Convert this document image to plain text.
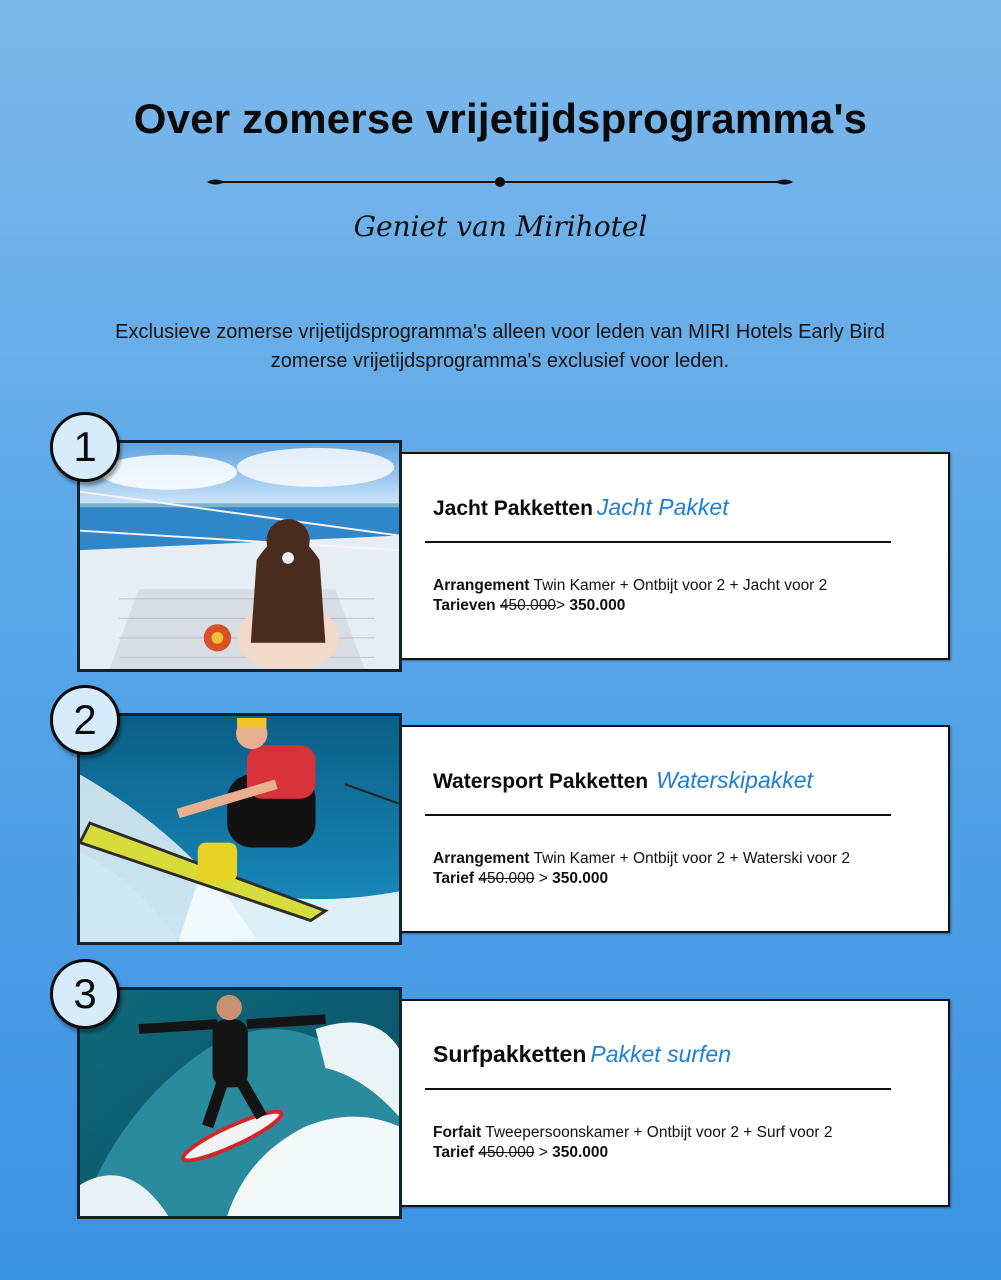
Over zomerse vrijetijdsprogramma's
Geniet van Mirihotel

Exclusieve zomerse vrijetijdsprogramma's alleen voor leden van MIRI Hotels Early Bird
zomerse vrijetijdsprogramma's exclusief voor leden.

Jacht Pakketten Jacht Pakket
Arrangement Twin Kamer + Ontbijt voor 2 + Jacht voor 2
Tarieven 450.000> 350.000
1
Watersport Pakketten Waterskipakket
Arrangement Twin Kamer + Ontbijt voor 2 + Waterski voor 2
Tarief 450.000 > 350.000
2
Surfpakketten Pakket surfen
Forfait Tweepersoonskamer + Ontbijt voor 2 + Surf voor 2
Tarief 450.000 > 350.000
3
